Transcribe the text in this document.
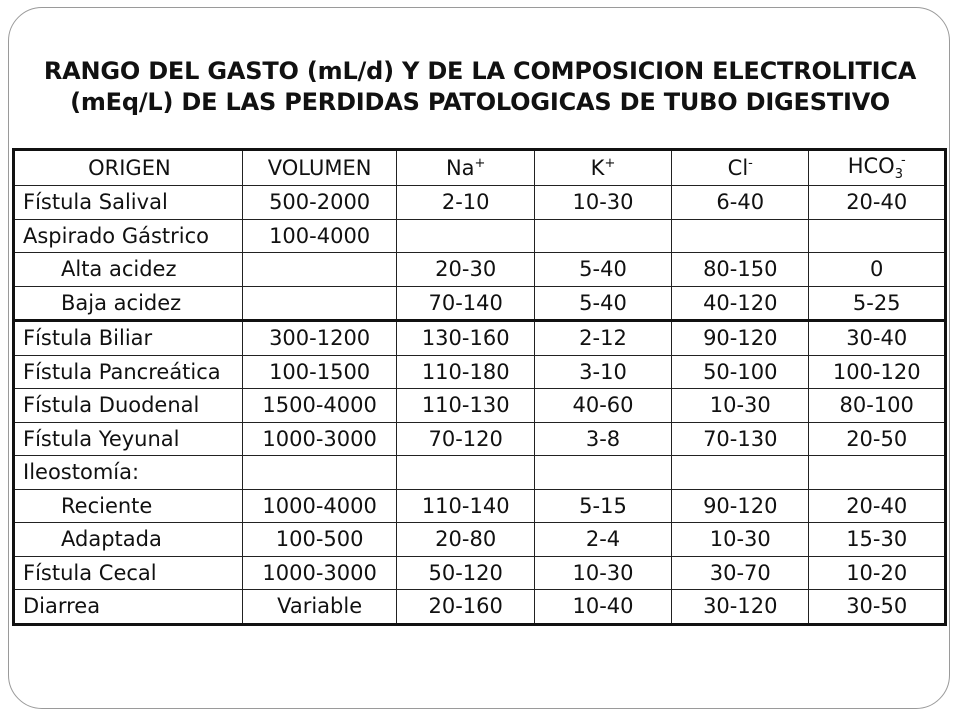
RANGO DEL GASTO (mL/d) Y DE LA COMPOSICION ELECTROLITICA
(mEq/L) DE LAS PERDIDAS PATOLOGICAS DE TUBO DIGESTIVO
ORIGEN	VOLUMEN	Na+	K+	Cl-	$HCO_3^-$
Fístula Salival	500-2000	2-10	10-30	6-40	20-40
Aspirado Gástrico	100-4000				
Alta acidez		20-30	5-40	80-150	0
Baja acidez		70-140	5-40	40-120	5-25
Fístula Biliar	300-1200	130-160	2-12	90-120	30-40
Fístula Pancreática	100-1500	110-180	3-10	50-100	100-120
Fístula Duodenal	1500-4000	110-130	40-60	10-30	80-100
Fístula Yeyunal	1000-3000	70-120	3-8	70-130	20-50
Ileostomía:					
Reciente	1000-4000	110-140	5-15	90-120	20-40
Adaptada	100-500	20-80	2-4	10-30	15-30
Fístula Cecal	1000-3000	50-120	10-30	30-70	10-20
Diarrea	Variable	20-160	10-40	30-120	30-50
